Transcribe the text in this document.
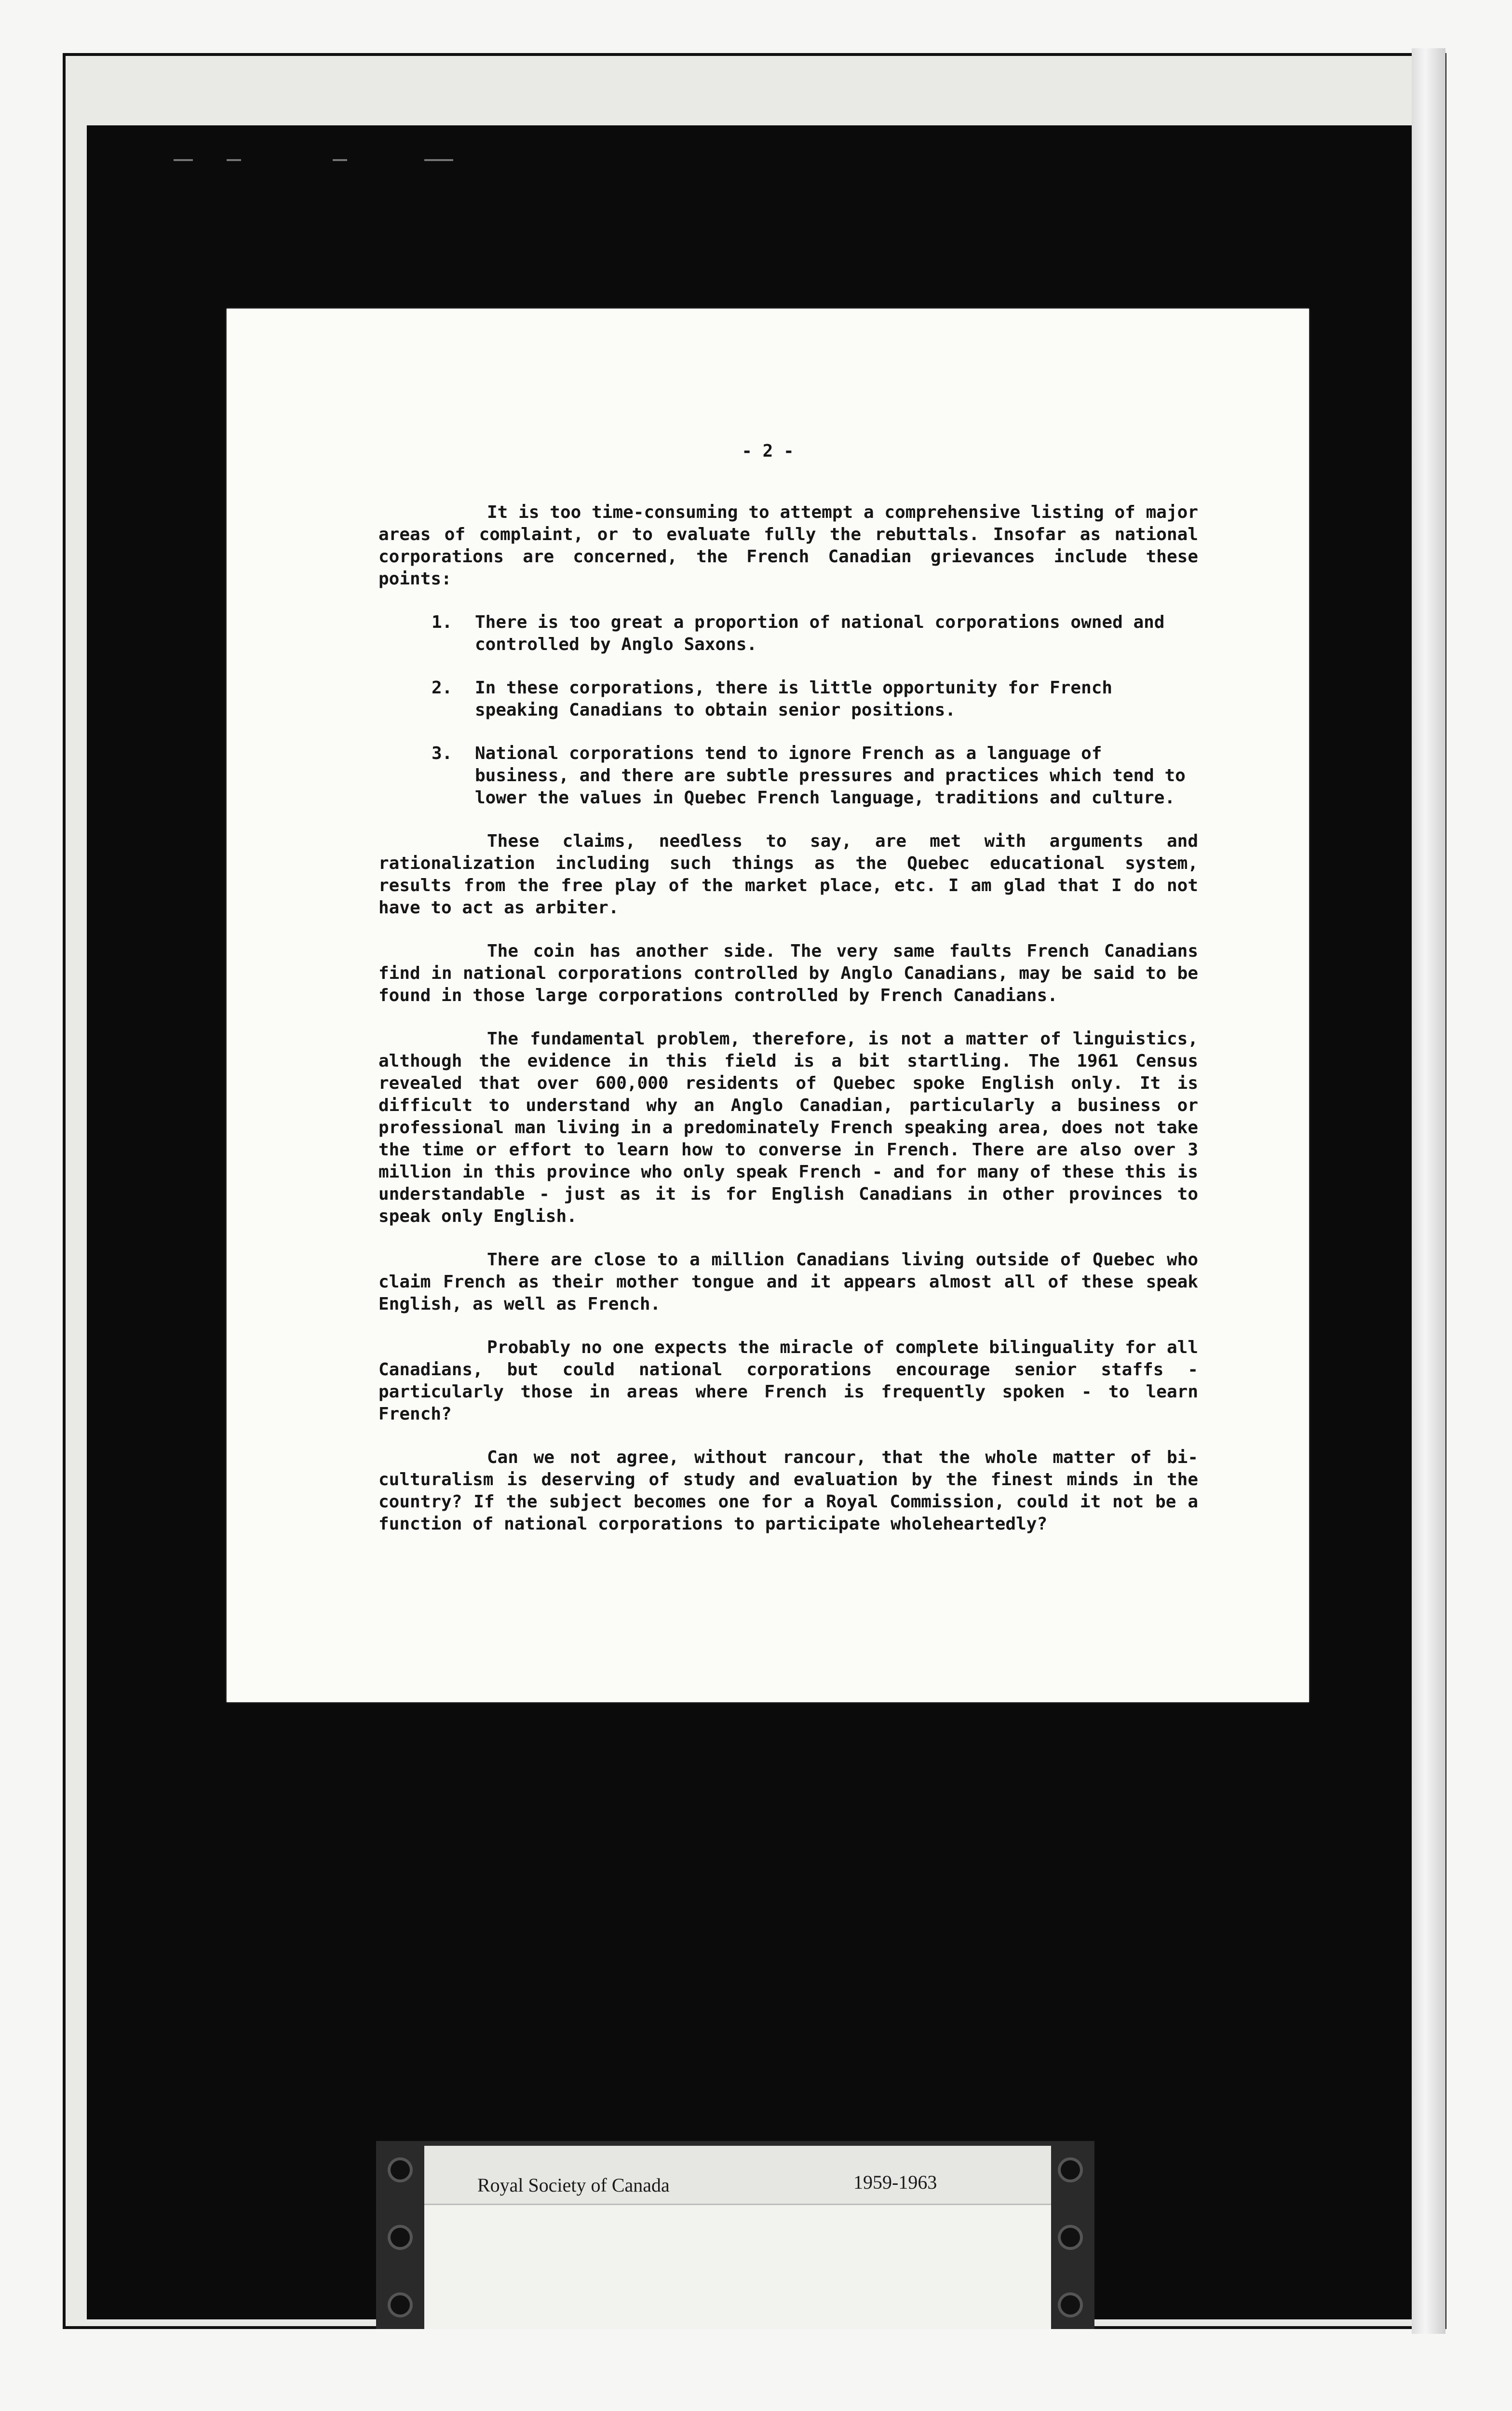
- 2 -

It is too time-consuming to attempt a comprehensive listing of major areas of complaint, or to evaluate fully the rebuttals. Insofar as national corporations are concerned, the French Canadian grievances include these points:

1.	There is too great a proportion of national corporations owned and controlled by Anglo Saxons.
2.	In these corporations, there is little opportunity for French speaking Canadians to obtain senior positions.
3.	National corporations tend to ignore French as a language of business, and there are subtle pressures and practices which tend to lower the values in Quebec French language, traditions and culture.

These claims, needless to say, are met with arguments and rationalization including such things as the Quebec educational system, results from the free play of the market place, etc. I am glad that I do not have to act as arbiter.

The coin has another side. The very same faults French Canadians find in national corporations controlled by Anglo Canadians, may be said to be found in those large corporations controlled by French Canadians.

The fundamental problem, therefore, is not a matter of linguistics, although the evidence in this field is a bit startling. The 1961 Census revealed that over 600,000 residents of Quebec spoke English only. It is difficult to understand why an Anglo Canadian, particularly a business or professional man living in a predominately French speaking area, does not take the time or effort to learn how to converse in French. There are also over 3 million in this province who only speak French - and for many of these this is understandable - just as it is for English Canadians in other provinces to speak only English.

There are close to a million Canadians living outside of Quebec who claim French as their mother tongue and it appears almost all of these speak English, as well as French.

Probably no one expects the miracle of complete bilinguality for all Canadians, but could national corporations encourage senior staffs - particularly those in areas where French is frequently spoken - to learn French?

Can we not agree, without rancour, that the whole matter of bi-culturalism is deserving of study and evaluation by the finest minds in the country? If the subject becomes one for a Royal Commission, could it not be a function of national corporations to participate wholeheartedly?

Royal Society of Canada	1959-1963
